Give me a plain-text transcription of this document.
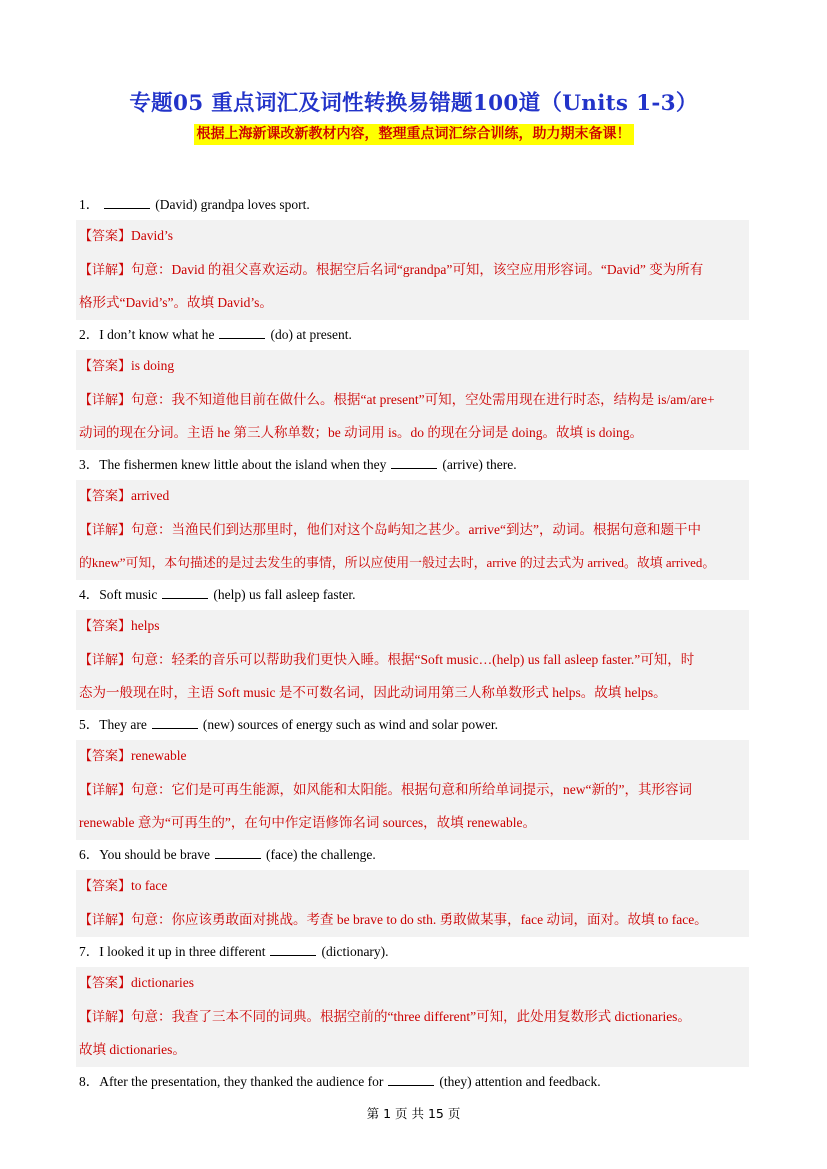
专题05 重点词汇及词性转换易错题100道（Units 1-3）
根据上海新课改新教材内容，整理重点词汇综合训练，助力期末备课！
1．	(David) grandpa loves sport.
【答案】David’s
【详解】句意：David 的祖父喜欢运动。根据空后名词“grandpa”可知，该空应用形容词。“David” 变为所有
格形式“David’s”。故填 David’s。
2．I don’t know what he	(do) at present.
【答案】is doing
【详解】句意：我不知道他目前在做什么。根据“at present”可知，空处需用现在进行时态，结构是 is/am/are+
动词的现在分词。主语 he 第三人称单数；be 动词用 is。do 的现在分词是 doing。故填 is doing。
3．The fishermen knew little about the island when they	(arrive) there.
【答案】arrived
【详解】句意：当渔民们到达那里时，他们对这个岛屿知之甚少。arrive“到达”，动词。根据句意和题干中
的knew”可知，本句描述的是过去发生的事情，所以应使用一般过去时，arrive 的过去式为 arrived。故填 arrived。
4．Soft music	(help) us fall asleep faster.
【答案】helps
【详解】句意：轻柔的音乐可以帮助我们更快入睡。根据“Soft music…(help) us fall asleep faster.”可知，时
态为一般现在时，主语 Soft music 是不可数名词，因此动词用第三人称单数形式 helps。故填 helps。
5．They are	(new) sources of energy such as wind and solar power.
【答案】renewable
【详解】句意：它们是可再生能源，如风能和太阳能。根据句意和所给单词提示，new“新的”，其形容词
renewable 意为“可再生的”，在句中作定语修饰名词 sources，故填 renewable。
6．You should be brave	(face) the challenge.
【答案】to face
【详解】句意：你应该勇敢面对挑战。考查 be brave to do sth. 勇敢做某事，face 动词，面对。故填 to face。
7．I looked it up in three different	(dictionary).
【答案】dictionaries
【详解】句意：我查了三本不同的词典。根据空前的“three different”可知，此处用复数形式 dictionaries。
故填 dictionaries。
8．After the presentation, they thanked the audience for	(they) attention and feedback.
第 1 页 共 15 页
